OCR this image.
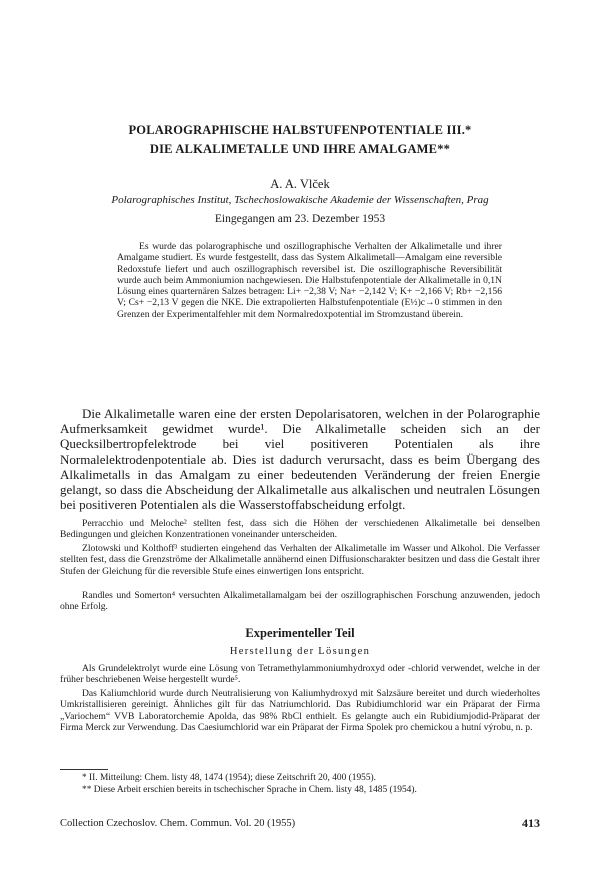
POLAROGRAPHISCHE HALBSTUFENPOTENTIALE III.*
DIE ALKALIMETALLE UND IHRE AMALGAME**
A. A. Vlček
Polarographisches Institut, Tschechoslowakische Akademie der Wissenschaften, Prag
Eingegangen am 23. Dezember 1953

Es wurde das polarographische und oszillographische Verhalten der Alkalimetalle und ihrer Amalgame studiert. Es wurde festgestellt, dass das System Alkalimetall—Amalgam eine reversible Redoxstufe liefert und auch oszillographisch reversibel ist. Die oszillographische Reversibilität wurde auch beim Ammoniumion nachgewiesen. Die Halbstufenpotentiale der Alkalimetalle in 0,1N Lösung eines quarternären Salzes betragen: Li+ −2,38 V; Na+ −2,142 V; K+ −2,166 V; Rb+ −2,156 V; Cs+ −2,13 V gegen die NKE. Die extrapolierten Halbstufenpotentiale (E½)c→0 stimmen in den Grenzen der Experimentalfehler mit dem Normalredoxpotential im Stromzustand überein.

Die Alkalimetalle waren eine der ersten Depolarisatoren, welchen in der Polarographie Aufmerksamkeit gewidmet wurde¹. Die Alkalimetalle scheiden sich an der Quecksilbertropfelektrode bei viel positiveren Potentialen als ihre Normalelektrodenpotentiale ab. Dies ist dadurch verursacht, dass es beim Übergang des Alkalimetalls in das Amalgam zu einer bedeutenden Veränderung der freien Energie gelangt, so dass die Abscheidung der Alkalimetalle aus alkalischen und neutralen Lösungen bei positiveren Potentialen als die Wasserstoffabscheidung erfolgt.

Perracchio und Meloche² stellten fest, dass sich die Höhen der verschiedenen Alkalimetalle bei denselben Bedingungen und gleichen Konzentrationen voneinander unterscheiden.

Zlotowski und Kolthoff³ studierten eingehend das Verhalten der Alkalimetalle im Wasser und Alkohol. Die Verfasser stellten fest, dass die Grenzströme der Alkalimetalle annähernd einen Diffusionscharakter besitzen und dass die Gestalt ihrer Stufen der Gleichung für die reversible Stufe eines einwertigen Ions entspricht.

Randles und Somerton⁴ versuchten Alkalimetallamalgam bei der oszillographischen Forschung anzuwenden, jedoch ohne Erfolg.

Experimenteller Teil
Herstellung der Lösungen

Als Grundelektrolyt wurde eine Lösung von Tetramethylammoniumhydroxyd oder -chlorid verwendet, welche in der früher beschriebenen Weise hergestellt wurde⁵.

Das Kaliumchlorid wurde durch Neutralisierung von Kaliumhydroxyd mit Salzsäure bereitet und durch wiederholtes Umkristallisieren gereinigt. Ähnliches gilt für das Natriumchlorid. Das Rubidiumchlorid war ein Präparat der Firma „Variochem“ VVB Laboratorchemie Apolda, das 98% RbCl enthielt. Es gelangte auch ein Rubidiumjodid-Präparat der Firma Merck zur Verwendung. Das Caesiumchlorid war ein Präparat der Firma Spolek pro chemickou a hutní výrobu, n. p.

* II. Mitteilung: Chem. listy 48, 1474 (1954); diese Zeitschrift 20, 400 (1955).

** Diese Arbeit erschien bereits in tschechischer Sprache in Chem. listy 48, 1485 (1954).

Collection Czechoslov. Chem. Commun. Vol. 20 (1955)	413
